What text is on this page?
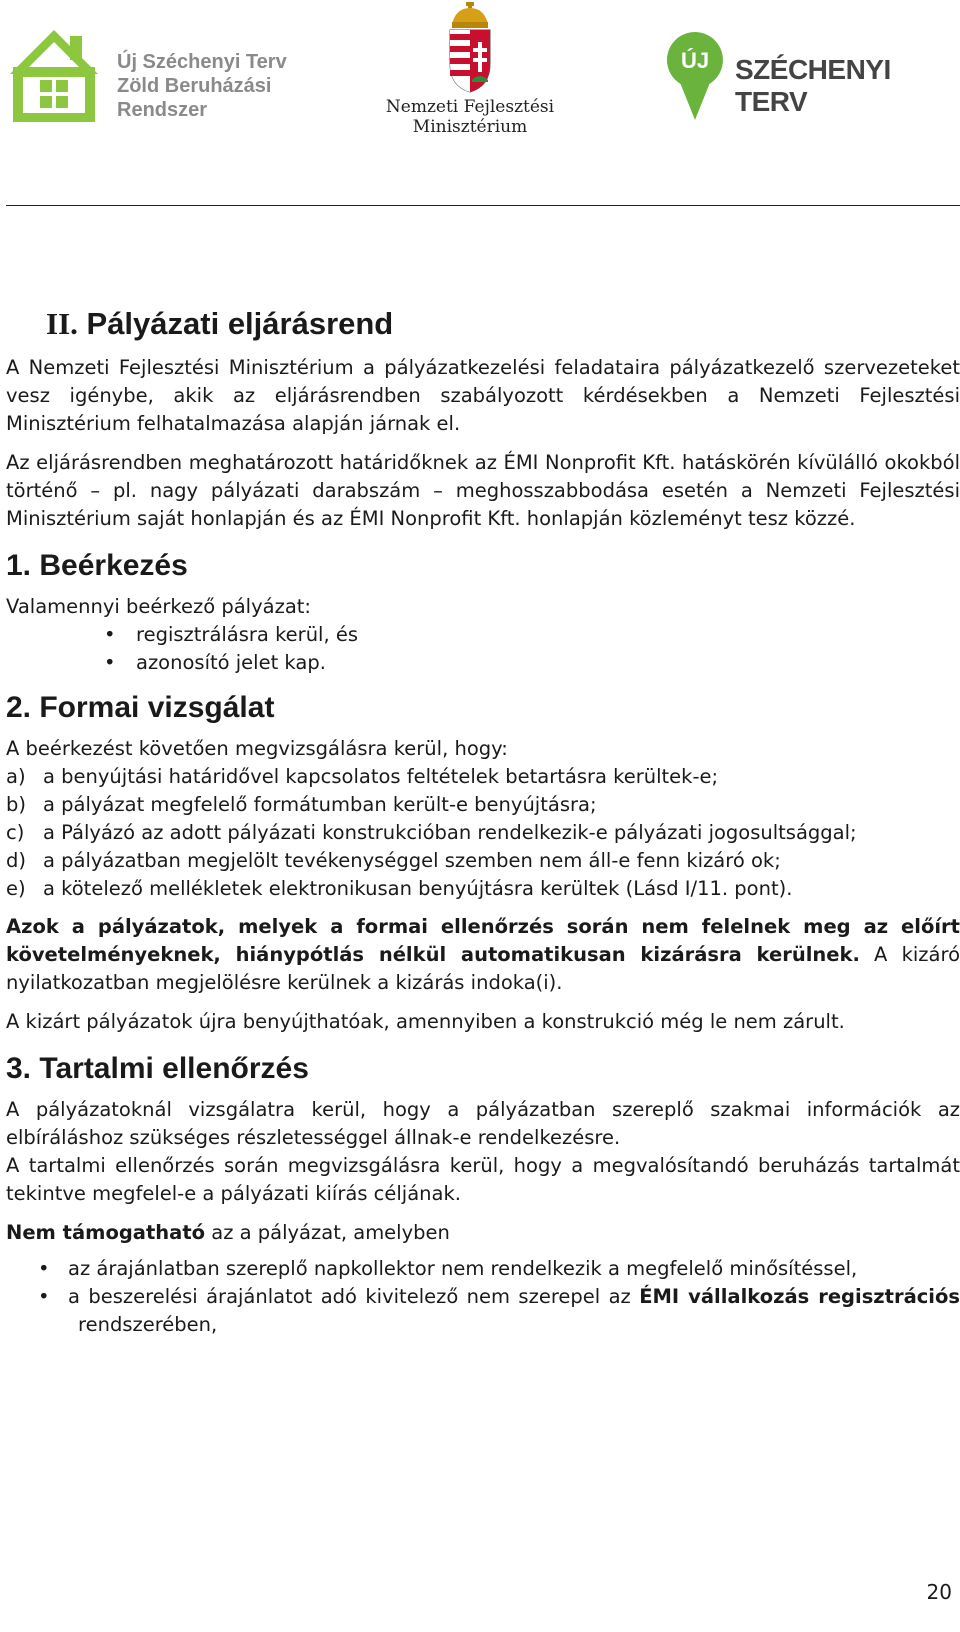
Új Széchenyi Terv
Zöld Beruházási
Rendszer	Nemzeti Fejlesztési
Minisztérium
ÚJ SZÉCHENYI TERV
II. Pályázati eljárásrend

A Nemzeti Fejlesztési Minisztérium a pályázatkezelési feladataira pályázatkezelő szervezeteket vesz igénybe, akik az eljárásrendben szabályozott kérdésekben a Nemzeti Fejlesztési Minisztérium felhatalmazása alapján járnak el.

Az eljárásrendben meghatározott határidőknek az ÉMI Nonprofit Kft. hatáskörén kívülálló okokból történő – pl. nagy pályázati darabszám – meghosszabbodása esetén a Nemzeti Fejlesztési Minisztérium saját honlapján és az ÉMI Nonprofit Kft. honlapján közleményt tesz közzé.

1. Beérkezés

Valamennyi beérkező pályázat:

• regisztrálásra kerül, és
• azonosító jelet kap.
2. Formai vizsgálat

A beérkezést követően megvizsgálásra kerül, hogy:

a) a benyújtási határidővel kapcsolatos feltételek betartásra kerültek-e;
b) a pályázat megfelelő formátumban került-e benyújtásra;
c) a Pályázó az adott pályázati konstrukcióban rendelkezik-e pályázati jogosultsággal;
d) a pályázatban megjelölt tevékenységgel szemben nem áll-e fenn kizáró ok;
e) a kötelező mellékletek elektronikusan benyújtásra kerültek (Lásd I/11. pont).

Azok a pályázatok, melyek a formai ellenőrzés során nem felelnek meg az előírt követelményeknek, hiánypótlás nélkül automatikusan kizárásra kerülnek. A kizáró nyilatkozatban megjelölésre kerülnek a kizárás indoka(i).

A kizárt pályázatok újra benyújthatóak, amennyiben a konstrukció még le nem zárult.

3. Tartalmi ellenőrzés

A pályázatoknál vizsgálatra kerül, hogy a pályázatban szereplő szakmai információk az elbíráláshoz szükséges részletességgel állnak-e rendelkezésre.

A tartalmi ellenőrzés során megvizsgálásra kerül, hogy a megvalósítandó beruházás tartalmát tekintve megfelel-e a pályázati kiírás céljának.

Nem támogatható az a pályázat, amelyben

• az árajánlatban szereplő napkollektor nem rendelkezik a megfelelő minősítéssel,
• a beszerelési árajánlatot adó kivitelező nem szerepel az ÉMI vállalkozás regisztrációs rendszerében,
20
